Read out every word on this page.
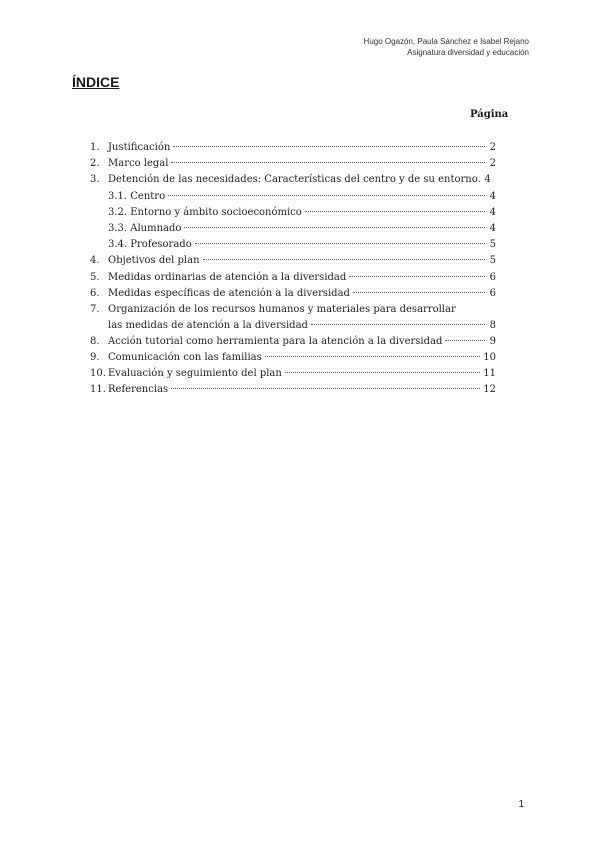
Hugo Ogazón, Paula Sánchez e Isabel Rejano
Asignatura diversidad y educación
ÍNDICE
Página
1. Justificación	2
2. Marco legal	2
3. Detención de las necesidades: Características del centro y de su entorno. 4
3.1. Centro	4
3.2. Entorno y ámbito socioeconómico	4
3.3. Alumnado	4
3.4. Profesorado	5
4. Objetivos del plan	5
5. Medidas ordinarias de atención a la diversidad	6
6. Medidas específicas de atención a la diversidad	6
7. Organización de los recursos humanos y materiales para desarrollar
las medidas de atención a la diversidad	8
8. Acción tutorial como herramienta para la atención a la diversidad	9
9. Comunicación con las familias	10
10. Evaluación y seguimiento del plan	11
11. Referencias	12
1
